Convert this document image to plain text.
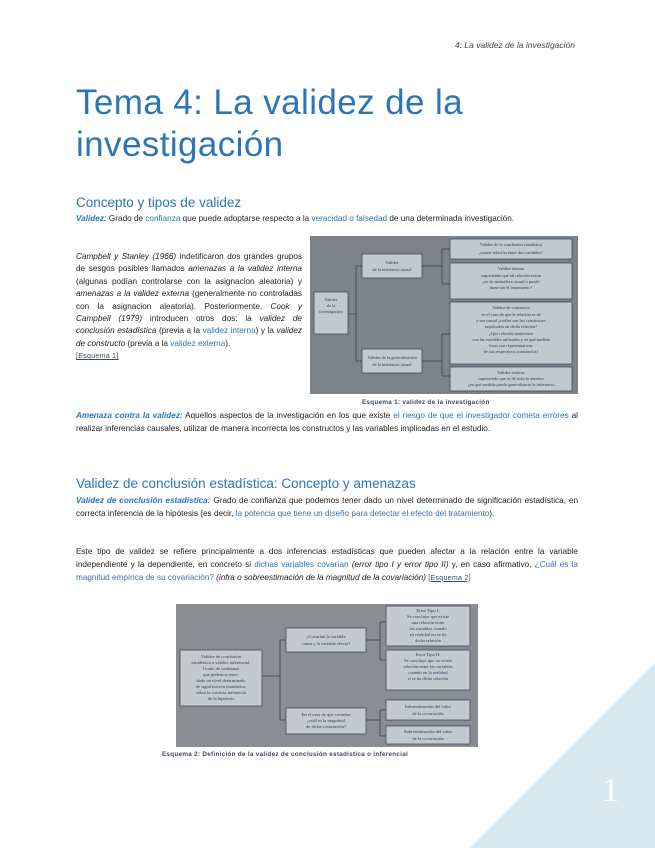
4: La validez de la investigación
Tema 4: La validez de la investigación
Concepto y tipos de validez

Validez: Grado de confianza que puede adoptarse respecto a la veracidad o falsedad de una determinada investigación.

Campbell y Stanley (1966) indetificaron dos grandes grupos de sesgos posibles llamados amenazas a la validez interna (algunas podían controlarse con la asignacion aleatoria) y amenazas a la validez externa (generalmente no controladas con la asignacion aleatoria). Posteriormente, Cook y Campbell (1979) introducen otros dos: la validez de conclusión estadística (previa a la validez interna) y la validez de constructo (previa a la validez externa).
[Esquema 1]

Validez
de la
investigación
Validez
de la inferencia causal
Validez de la generalización
de la inferencia causal
Validez de la conclusión estadística
¿existe relación entre dos variables?
Validez interna
suponiendo que tal relación exista
¿es de naturaleza causal o puede
darse sin el tratamiento?
Validez de constructo
en el caso de que la relación se dé
y sea causal ¿cuáles son los constructos
implicados en dicha relación?
¿Qué relación mantienen
con las variables utilizadas y en qué medida
éstas son representativas
de sus respectivos constructos?
Validez externa
suponiendo que se dé todo lo anterior
¿en qué medida puede generalizarse la inferencia
Esquema 1: validez de la investigación

Amenaza contra la validez: Aquellos aspectos de la investigación en los que existe el riesgo de que el investigador cometa errores al realizar inferencias causales, utilizar de manera incorrecta los constructos y las variables implicadas en el estudio.

Validez de conclusión estadística: Concepto y amenazas

Validez de conclusión estadística: Grado de confianza que podemos tener dado un nivel determinado de significación estadística, en correcta inferencia de la hipótesis (es decir, la potencia que tiene un diseño para detectar el efecto del tratamiento).

Este tipo de validez se refiere principalmente a dos inferencias estadísticas que pueden afectar a la relación entre la variable independiente y la dependiente, en concreto si dichas variables covarían (error tipo I y error tipo II) y, en caso afirmativo, ¿Cuál es la magnitud empírica de su covariación? (infra o sobreestimación de la magnitud de la covariación) [Esquema 2]

Validez de conclusión
estadística o validez inferencial:
Grado de confianza
que podemos tener,
dado un nivel determinado
de significación estadística,
sobre la correcta inferencia
de la hipótesis
¿Covarían la variable
causa y la variable efecto?
En el caso de que covarían
¿cuál es la magnitud
de dicha covariación?
Error Tipo I:
Se concluye que existe
una relación entre
las variables cuando
en realidad no se da
dicha relación
Error Tipo II:
Se concluye que no existe
relación entre las variables
cuando en la realidad
sí se da dicha relación
Infraestimación del valor
de la covariación
Sobreestimación del valor
de la covariación
Esquema 2: Definición de la validez de conclusión estadística o inferencial
1
